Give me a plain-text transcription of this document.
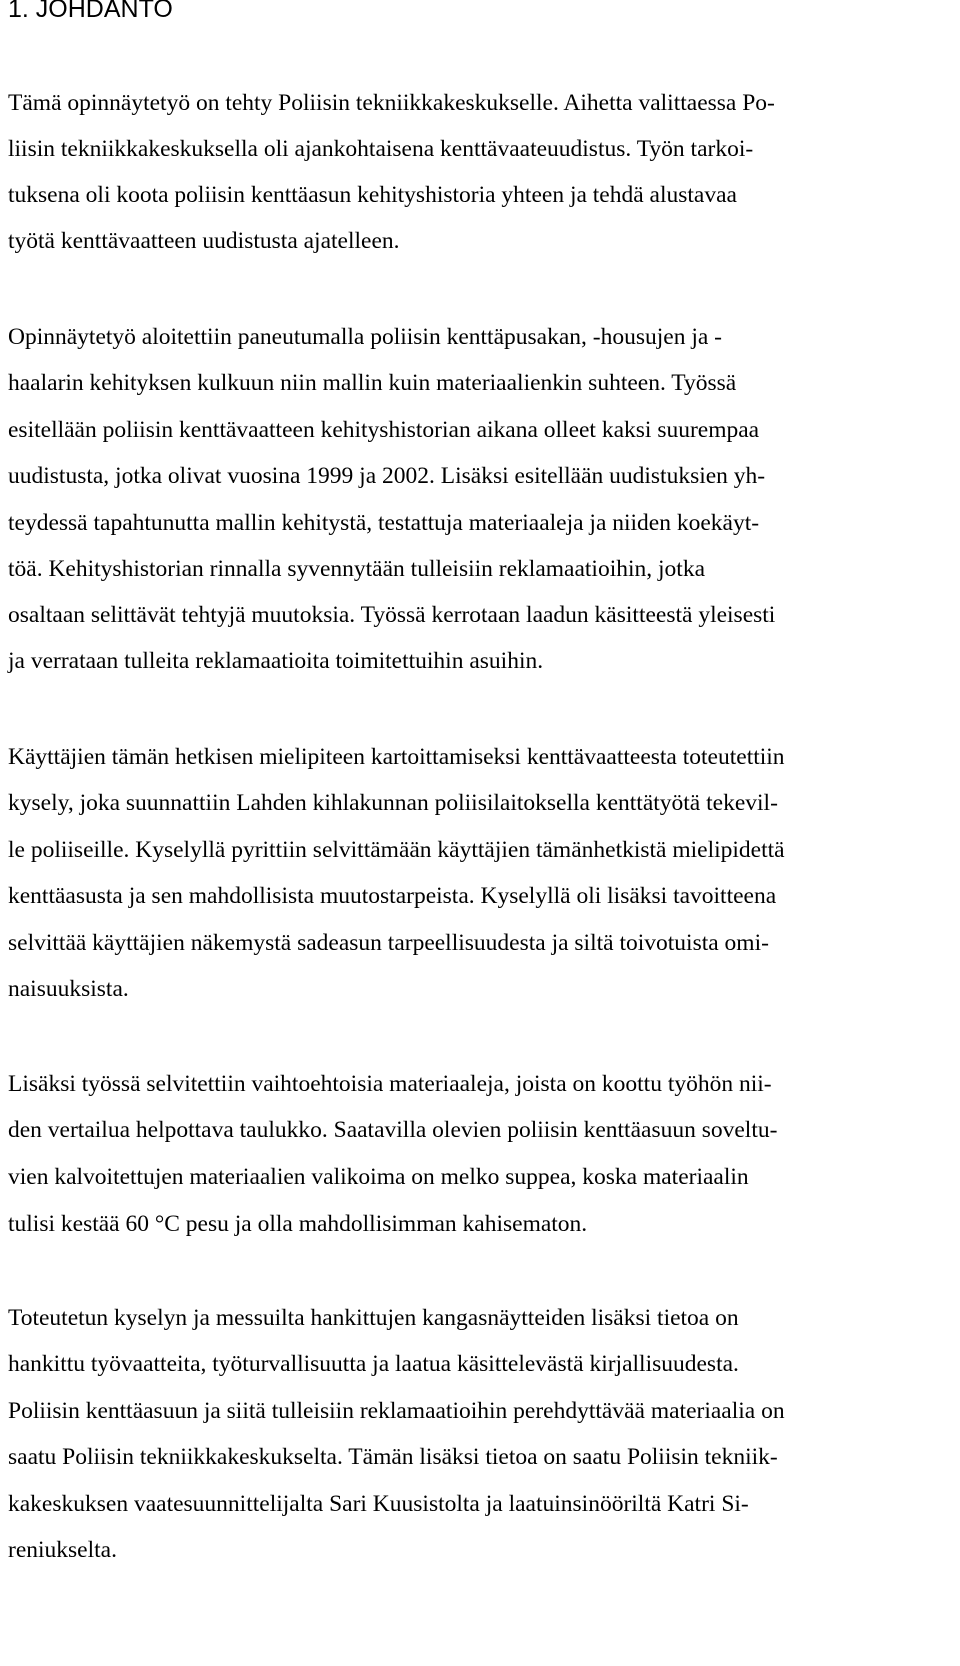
1. JOHDANTO

Tämä opinnäytetyö on tehty Poliisin tekniikkakeskukselle. Aihetta valittaessa Po-

liisin tekniikkakeskuksella oli ajankohtaisena kenttävaateuudistus. Työn tarkoi-

tuksena oli koota poliisin kenttäasun kehityshistoria yhteen ja tehdä alustavaa

työtä kenttävaatteen uudistusta ajatelleen.

Opinnäytetyö aloitettiin paneutumalla poliisin kenttäpusakan, -housujen ja -

haalarin kehityksen kulkuun niin mallin kuin materiaalienkin suhteen. Työssä

esitellään poliisin kenttävaatteen kehityshistorian aikana olleet kaksi suurempaa

uudistusta, jotka olivat vuosina 1999 ja 2002. Lisäksi esitellään uudistuksien yh-

teydessä tapahtunutta mallin kehitystä, testattuja materiaaleja ja niiden koekäyt-

töä. Kehityshistorian rinnalla syvennytään tulleisiin reklamaatioihin, jotka

osaltaan selittävät tehtyjä muutoksia. Työssä kerrotaan laadun käsitteestä yleisesti

ja verrataan tulleita reklamaatioita toimitettuihin asuihin.

Käyttäjien tämän hetkisen mielipiteen kartoittamiseksi kenttävaatteesta toteutettiin

kysely, joka suunnattiin Lahden kihlakunnan poliisilaitoksella kenttätyötä tekevil-

le poliiseille. Kyselyllä pyrittiin selvittämään käyttäjien tämänhetkistä mielipidettä

kenttäasusta ja sen mahdollisista muutostarpeista. Kyselyllä oli lisäksi tavoitteena

selvittää käyttäjien näkemystä sadeasun tarpeellisuudesta ja siltä toivotuista omi-

naisuuksista.

Lisäksi työssä selvitettiin vaihtoehtoisia materiaaleja, joista on koottu työhön nii-

den vertailua helpottava taulukko. Saatavilla olevien poliisin kenttäasuun soveltu-

vien kalvoitettujen materiaalien valikoima on melko suppea, koska materiaalin

tulisi kestää 60 °C pesu ja olla mahdollisimman kahisematon.

Toteutetun kyselyn ja messuilta hankittujen kangasnäytteiden lisäksi tietoa on

hankittu työvaatteita, työturvallisuutta ja laatua käsittelevästä kirjallisuudesta.

Poliisin kenttäasuun ja siitä tulleisiin reklamaatioihin perehdyttävää materiaalia on

saatu Poliisin tekniikkakeskukselta. Tämän lisäksi tietoa on saatu Poliisin tekniik-

kakeskuksen vaatesuunnittelijalta Sari Kuusistolta ja laatuinsinööriltä Katri Si-

reniukselta.
